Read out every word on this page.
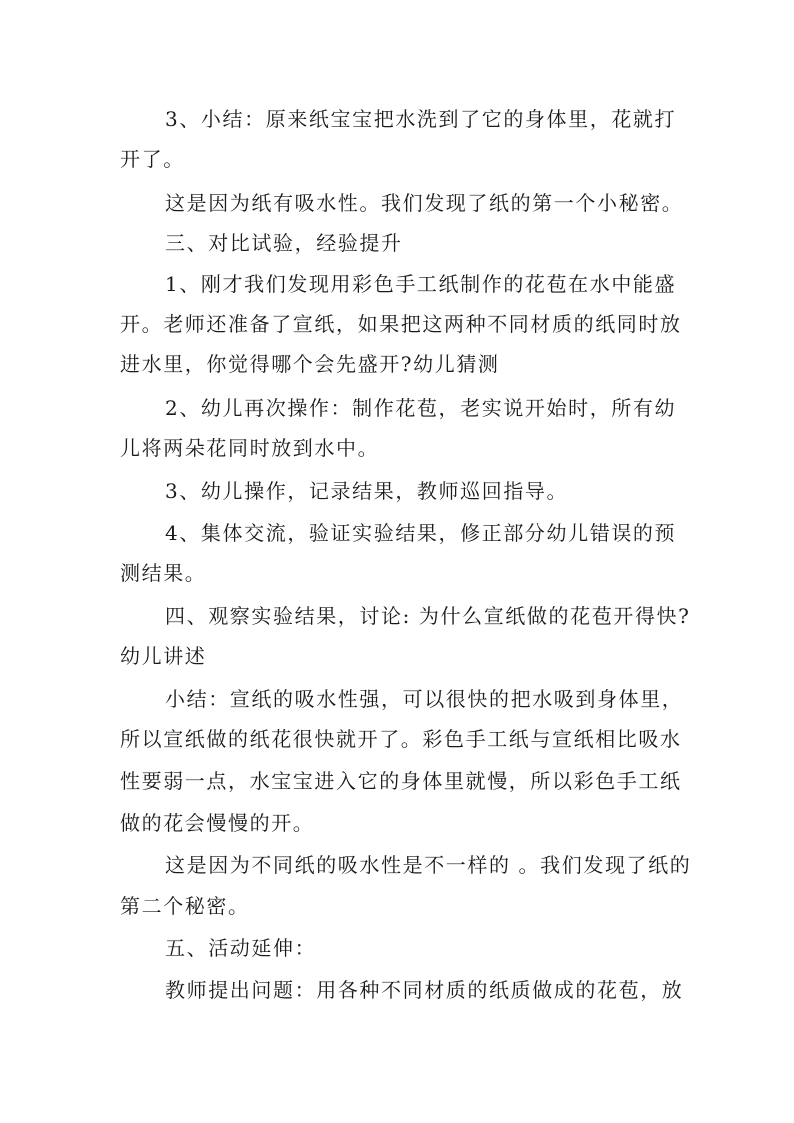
3、小结：原来纸宝宝把水洗到了它的身体里，花就打
开了。
这是因为纸有吸水性。我们发现了纸的第一个小秘密。
三、对比试验，经验提升
1、刚才我们发现用彩色手工纸制作的花苞在水中能盛
开。老师还准备了宣纸，如果把这两种不同材质的纸同时放
进水里，你觉得哪个会先盛开?幼儿猜测
2、幼儿再次操作：制作花苞，老实说开始时，所有幼
儿将两朵花同时放到水中。
3、幼儿操作，记录结果，教师巡回指导。
4、集体交流，验证实验结果，修正部分幼儿错误的预
测结果。
四、观察实验结果，讨论: 为什么宣纸做的花苞开得快?
幼儿讲述
小结：宣纸的吸水性强，可以很快的把水吸到身体里，
所以宣纸做的纸花很快就开了。彩色手工纸与宣纸相比吸水
性要弱一点，水宝宝进入它的身体里就慢，所以彩色手工纸
做的花会慢慢的开。
这是因为不同纸的吸水性是不一样的 。我们发现了纸的
第二个秘密。
五、活动延伸：
教师提出问题：用各种不同材质的纸质做成的花苞，放
